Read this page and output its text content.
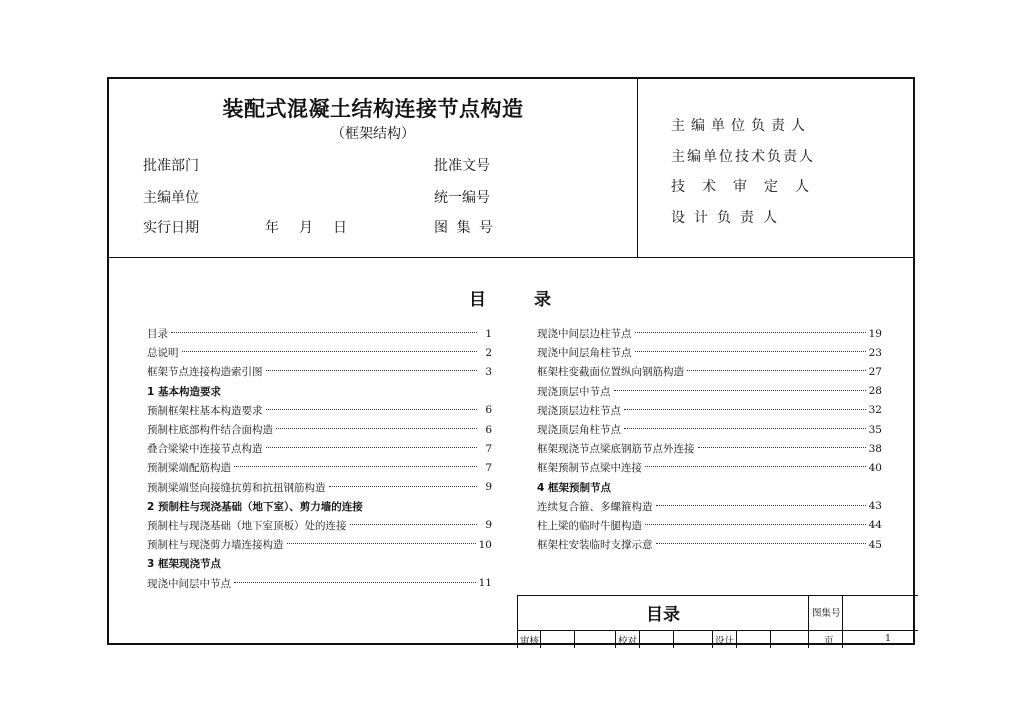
装配式混凝土结构连接节点构造
（框架结构）
批准部门
主编单位
实行日期	年　月　日
批准文号
统一编号
图 集 号
主编单位负责人
主编单位技术负责人
技术审定人
设计负责人
目	录
目录	1
总说明	2
框架节点连接构造索引图	3
1 基本构造要求
预制框架柱基本构造要求	6
预制柱底部构件结合面构造	6
叠合梁梁中连接节点构造	7
预制梁端配筋构造	7
预制梁端竖向接缝抗剪和抗扭钢筋构造	9
2 预制柱与现浇基础（地下室）、剪力墙的连接
预制柱与现浇基础（地下室顶板）处的连接	9
预制柱与现浇剪力墙连接构造	10
3 框架现浇节点
现浇中间层中节点	11
现浇中间层边柱节点	19
现浇中间层角柱节点	23
框架柱变截面位置纵向钢筋构造	27
现浇顶层中节点	28
现浇顶层边柱节点	32
现浇顶层角柱节点	35
框架现浇节点梁底钢筋节点外连接	38
框架预制节点梁中连接	40
4 框架预制节点
连续复合箍、多螺箍构造	43
柱上梁的临时牛腿构造	44
框架柱安装临时支撑示意	45
目录	图集号
审核	校对	设计	页	1
